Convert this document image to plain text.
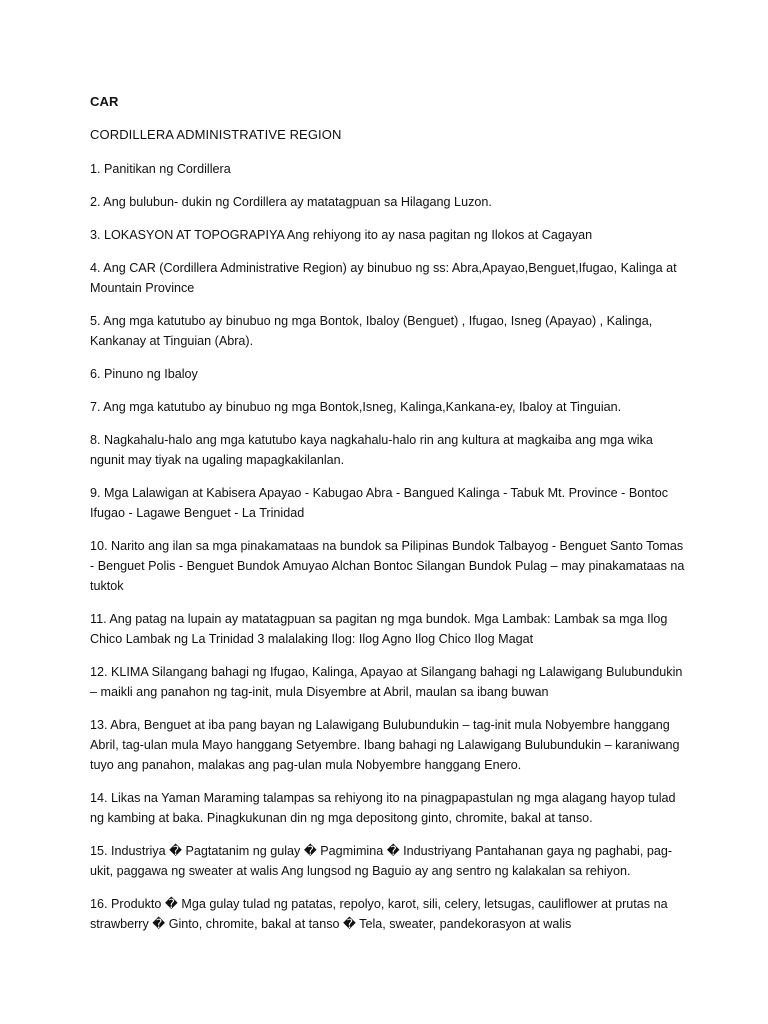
CAR
CORDILLERA ADMINISTRATIVE REGION
1. Panitikan ng Cordillera
2. Ang bulubun- dukin ng Cordillera ay matatagpuan sa Hilagang Luzon.
3. LOKASYON AT TOPOGRAPIYA Ang rehiyong ito ay nasa pagitan ng Ilokos at Cagayan
4. Ang CAR (Cordillera Administrative Region) ay binubuo ng ss: Abra,Apayao,Benguet,Ifugao, Kalinga at Mountain Province
5. Ang mga katutubo ay binubuo ng mga Bontok, Ibaloy (Benguet) , Ifugao, Isneg (Apayao) , Kalinga, Kankanay at Tinguian (Abra).
6. Pinuno ng Ibaloy
7. Ang mga katutubo ay binubuo ng mga Bontok,Isneg, Kalinga,Kankana-ey, Ibaloy at Tinguian.
8. Nagkahalu-halo ang mga katutubo kaya nagkahalu-halo rin ang kultura at magkaiba ang mga wika ngunit may tiyak na ugaling mapagkakilanlan.
9. Mga Lalawigan at Kabisera Apayao - Kabugao Abra - Bangued Kalinga - Tabuk Mt. Province - Bontoc Ifugao - Lagawe Benguet - La Trinidad
10. Narito ang ilan sa mga pinakamataas na bundok sa Pilipinas Bundok Talbayog - Benguet Santo Tomas - Benguet Polis - Benguet Bundok Amuyao Alchan Bontoc Silangan Bundok Pulag – may pinakamataas na tuktok
11. Ang patag na lupain ay matatagpuan sa pagitan ng mga bundok. Mga Lambak: Lambak sa mga Ilog Chico Lambak ng La Trinidad 3 malalaking Ilog: Ilog Agno Ilog Chico Ilog Magat
12. KLIMA Silangang bahagi ng Ifugao, Kalinga, Apayao at Silangang bahagi ng Lalawigang Bulubundukin – maikli ang panahon ng tag-init, mula Disyembre at Abril, maulan sa ibang buwan
13. Abra, Benguet at iba pang bayan ng Lalawigang Bulubundukin – tag-init mula Nobyembre hanggang Abril, tag-ulan mula Mayo hanggang Setyembre. Ibang bahagi ng Lalawigang Bulubundukin – karaniwang tuyo ang panahon, malakas ang pag-ulan mula Nobyembre hanggang Enero.
14. Likas na Yaman Maraming talampas sa rehiyong ito na pinagpapastulan ng mga alagang hayop tulad ng kambing at baka. Pinagkukunan din ng mga depositong ginto, chromite, bakal at tanso.
15. Industriya � Pagtatanim ng gulay � Pagmimina � Industriyang Pantahanan gaya ng paghabi, pag- ukit, paggawa ng sweater at walis Ang lungsod ng Baguio ay ang sentro ng kalakalan sa rehiyon.
16. Produkto � Mga gulay tulad ng patatas, repolyo, karot, sili, celery, letsugas, cauliflower at prutas na strawberry � Ginto, chromite, bakal at tanso � Tela, sweater, pandekorasyon at walis
